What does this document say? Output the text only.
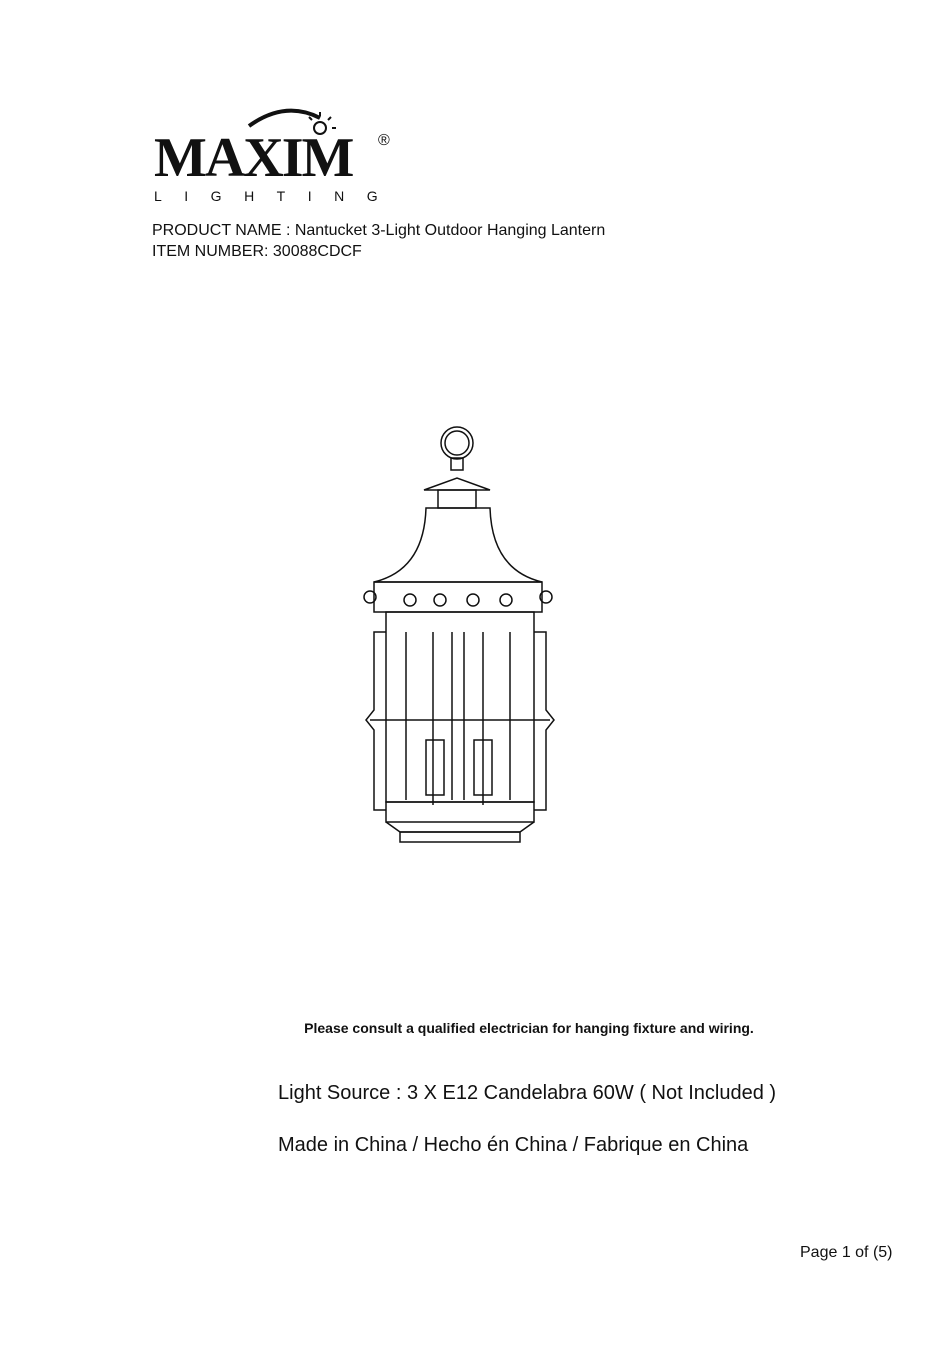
MAXIM ®
LIGHTING
PRODUCT NAME : Nantucket 3-Light Outdoor Hanging Lantern
ITEM NUMBER: 30088CDCF
Please consult a qualified electrician for hanging fixture and wiring.
Light Source : 3 X E12 Candelabra 60W ( Not Included )
Made in China / Hecho én China / Fabrique en China
Page 1 of (5)
